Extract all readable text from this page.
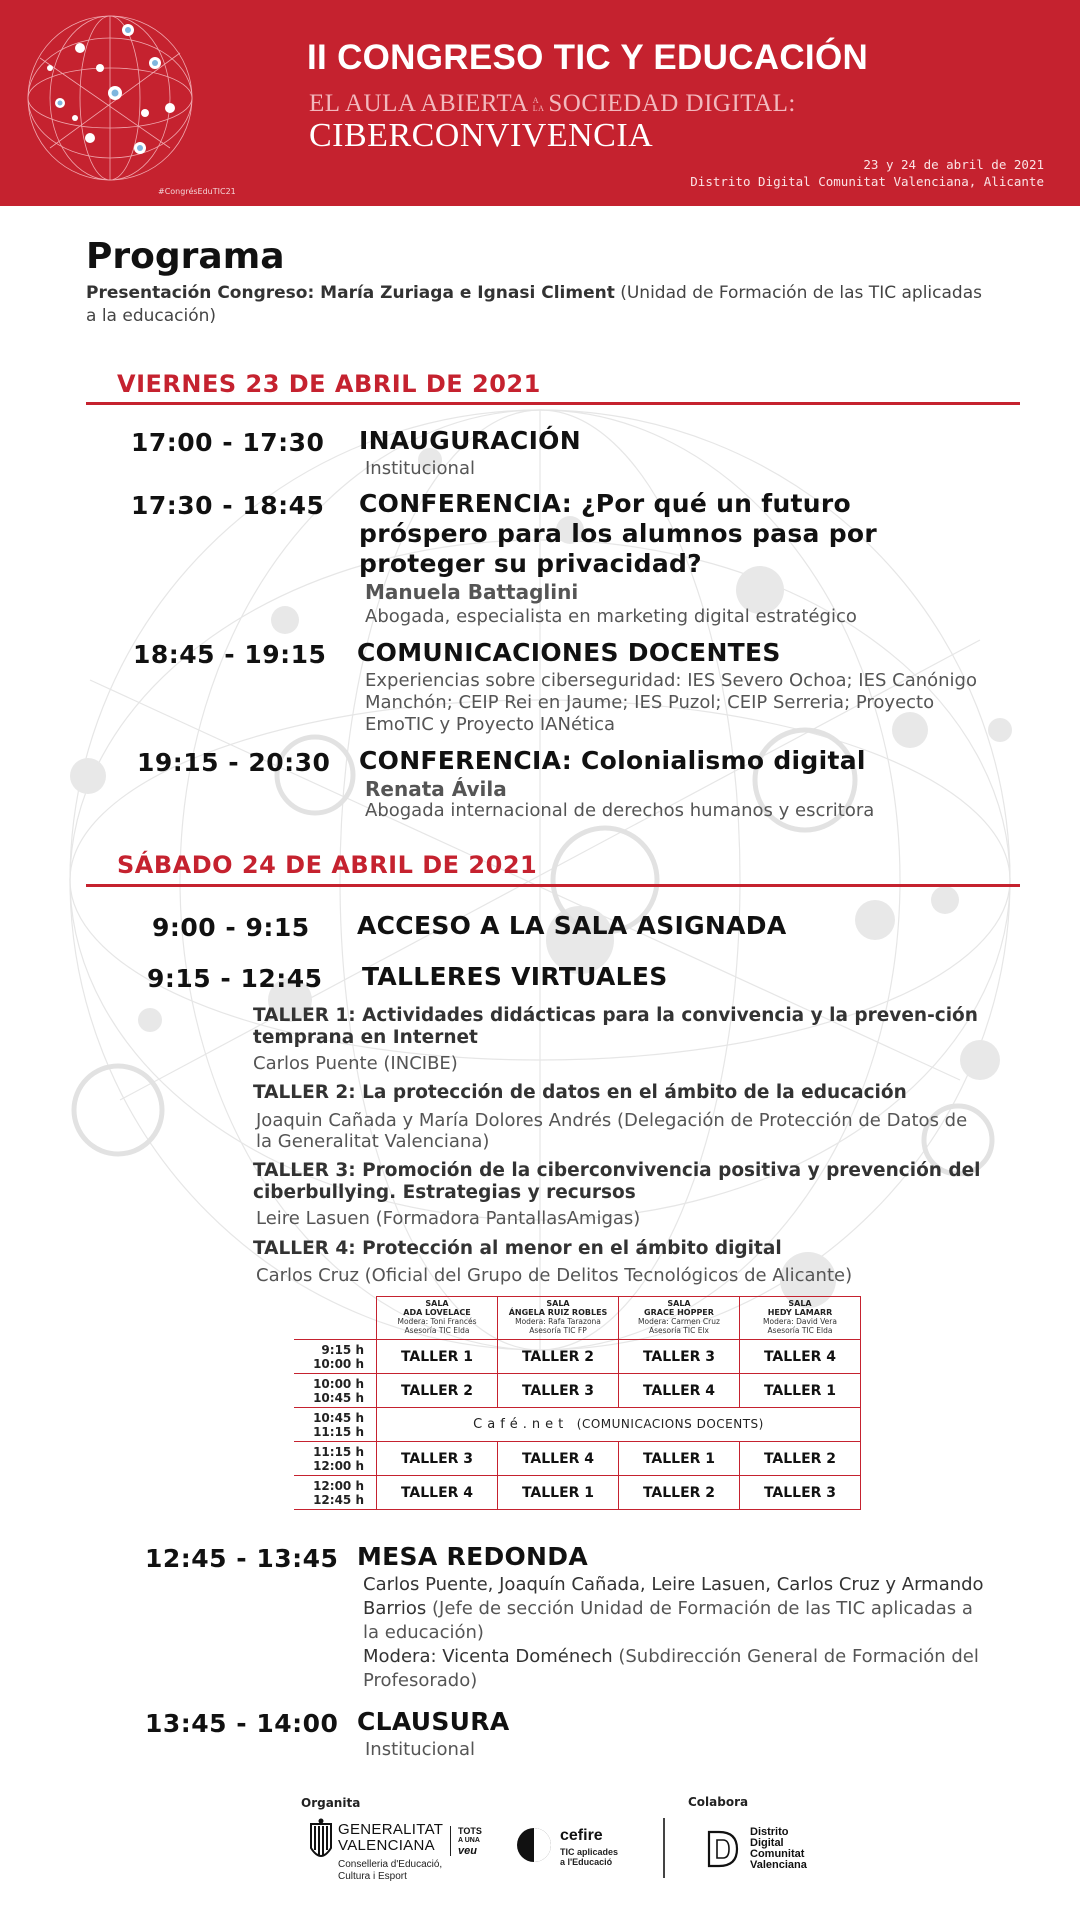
#CongrésEduTIC21
II CONGRESO TIC Y EDUCACIÓN
EL AULA ABIERTA A
LA SOCIEDAD DIGITAL:
CIBERCONVIVENCIA
23 y 24 de abril de 2021
Distrito Digital Comunitat Valenciana, Alicante
Programa
Presentación Congreso: María Zuriaga e Ignasi Climent (Unidad de Formación de las TIC aplicadas a la educación)
VIERNES 23 DE ABRIL DE 2021
17:00 - 17:30 INAUGURACIÓN
Institucional
17:30 - 18:45 CONFERENCIA: ¿Por qué un futuro próspero para los alumnos pasa por proteger su privacidad?
Manuela Battaglini
Abogada, especialista en marketing digital estratégico
18:45 - 19:15 COMUNICACIONES DOCENTES
Experiencias sobre ciberseguridad: IES Severo Ochoa; IES Canónigo Manchón; CEIP Rei en Jaume; IES Puzol; CEIP Serreria; Proyecto EmoTIC y Proyecto IANética
19:15 - 20:30 CONFERENCIA: Colonialismo digital
Renata Ávila
Abogada internacional de derechos humanos y escritora
SÁBADO 24 DE ABRIL DE 2021
9:00 - 9:15 ACCESO A LA SALA ASIGNADA
9:15 - 12:45 TALLERES VIRTUALES
TALLER 1: Actividades didácticas para la convivencia y la preven-ción temprana en Internet
Carlos Puente (INCIBE)
TALLER 2: La protección de datos en el ámbito de la educación
Joaquin Cañada y María Dolores Andrés (Delegación de Protección de Datos de la Generalitat Valenciana)
TALLER 3: Promoción de la ciberconvivencia positiva y prevención del ciberbullying. Estrategias y recursos
Leire Lasuen (Formadora PantallasAmigas)
TALLER 4: Protección al menor en el ámbito digital
Carlos Cruz (Oficial del Grupo de Delitos Tecnológicos de Alicante)
	SALA
ADA LOVELACE
Modera: Toni Francés
Asesoría TIC Elda	SALA
ÁNGELA RUIZ ROBLES
Modera: Rafa Tarazona
Asesoría TIC FP	SALA
GRACE HOPPER
Modera: Carmen Cruz
Asesoría TIC Elx	SALA
HEDY LAMARR
Modera: David Vera
Asesoría TIC Elda
9:15 h
10:00 h	TALLER 1	TALLER 2	TALLER 3	TALLER 4
10:00 h
10:45 h	TALLER 2	TALLER 3	TALLER 4	TALLER 1
10:45 h
11:15 h	Café.net (COMUNICACIONS DOCENTS)			
11:15 h
12:00 h	TALLER 3	TALLER 4	TALLER 1	TALLER 2
12:00 h
12:45 h	TALLER 4	TALLER 1	TALLER 2	TALLER 3
12:45 - 13:45 MESA REDONDA
Carlos Puente, Joaquín Cañada, Leire Lasuen, Carlos Cruz y Armando Barrios (Jefe de sección Unidad de Formación de las TIC aplicadas a la educación)
Modera: Vicenta Doménech (Subdirección General de Formación del Profesorado)
13:45 - 14:00 CLAUSURA
Institucional
Organita	Colabora
GENERALITAT
VALENCIANA
Conselleria d'Educació,
Cultura i Esport
TOTS
A UNA
veu
cefire
TIC aplicades
a l'Educació
Distrito
Digital
Comunitat
Valenciana
